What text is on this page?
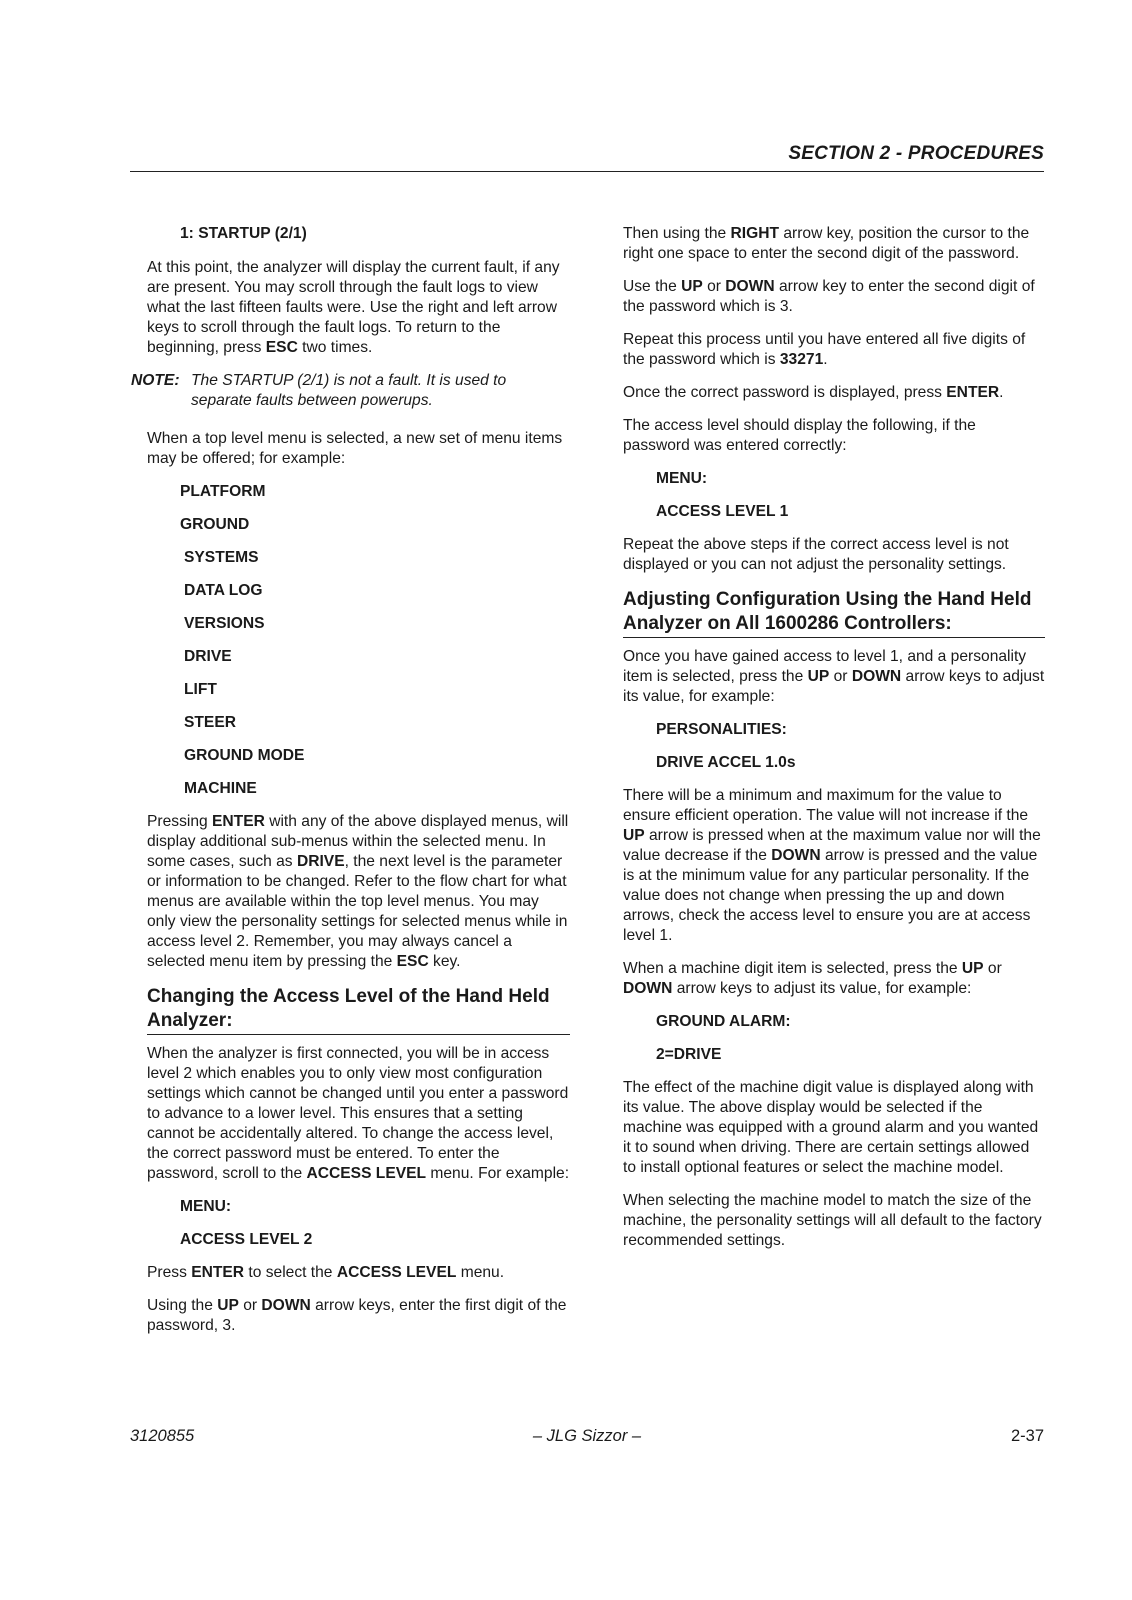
SECTION 2 - PROCEDURES
1: STARTUP (2/1)

At this point, the analyzer will display the current fault, if any are present. You may scroll through the fault logs to view what the last fifteen faults were. Use the right and left arrow keys to scroll through the fault logs. To return to the beginning, press ESC two times.

NOTE: The STARTUP (2/1) is not a fault. It is used to separate faults between powerups.

When a top level menu is selected, a new set of menu items may be offered; for example:

PLATFORM
GROUND
SYSTEMS
DATA LOG
VERSIONS
DRIVE
LIFT
STEER
GROUND MODE
MACHINE

Pressing ENTER with any of the above displayed menus, will display additional sub-menus within the selected menu. In some cases, such as DRIVE, the next level is the parameter or information to be changed. Refer to the flow chart for what menus are available within the top level menus. You may only view the personality settings for selected menus while in access level 2. Remember, you may always cancel a selected menu item by pressing the ESC key.

Changing the Access Level of the Hand Held Analyzer:

When the analyzer is first connected, you will be in access level 2 which enables you to only view most configuration settings which cannot be changed until you enter a password to advance to a lower level. This ensures that a setting cannot be accidentally altered. To change the access level, the correct password must be entered. To enter the password, scroll to the ACCESS LEVEL menu. For example:

MENU:
ACCESS LEVEL 2

Press ENTER to select the ACCESS LEVEL menu.

Using the UP or DOWN arrow keys, enter the first digit of the password, 3.

Then using the RIGHT arrow key, position the cursor to the right one space to enter the second digit of the password.

Use the UP or DOWN arrow key to enter the second digit of the password which is 3.

Repeat this process until you have entered all five digits of the password which is 33271.

Once the correct password is displayed, press ENTER.

The access level should display the following, if the password was entered correctly:

MENU:
ACCESS LEVEL 1

Repeat the above steps if the correct access level is not displayed or you can not adjust the personality settings.

Adjusting Configuration Using the Hand Held Analyzer on All 1600286 Controllers:

Once you have gained access to level 1, and a personality item is selected, press the UP or DOWN arrow keys to adjust its value, for example:

PERSONALITIES:
DRIVE ACCEL 1.0s

There will be a minimum and maximum for the value to ensure efficient operation. The value will not increase if the UP arrow is pressed when at the maximum value nor will the value decrease if the DOWN arrow is pressed and the value is at the minimum value for any particular personality. If the value does not change when pressing the up and down arrows, check the access level to ensure you are at access level 1.

When a machine digit item is selected, press the UP or DOWN arrow keys to adjust its value, for example:

GROUND ALARM:
2=DRIVE

The effect of the machine digit value is displayed along with its value. The above display would be selected if the machine was equipped with a ground alarm and you wanted it to sound when driving. There are certain settings allowed to install optional features or select the machine model.

When selecting the machine model to match the size of the machine, the personality settings will all default to the factory recommended settings.

3120855	– JLG Sizzor –	2-37
